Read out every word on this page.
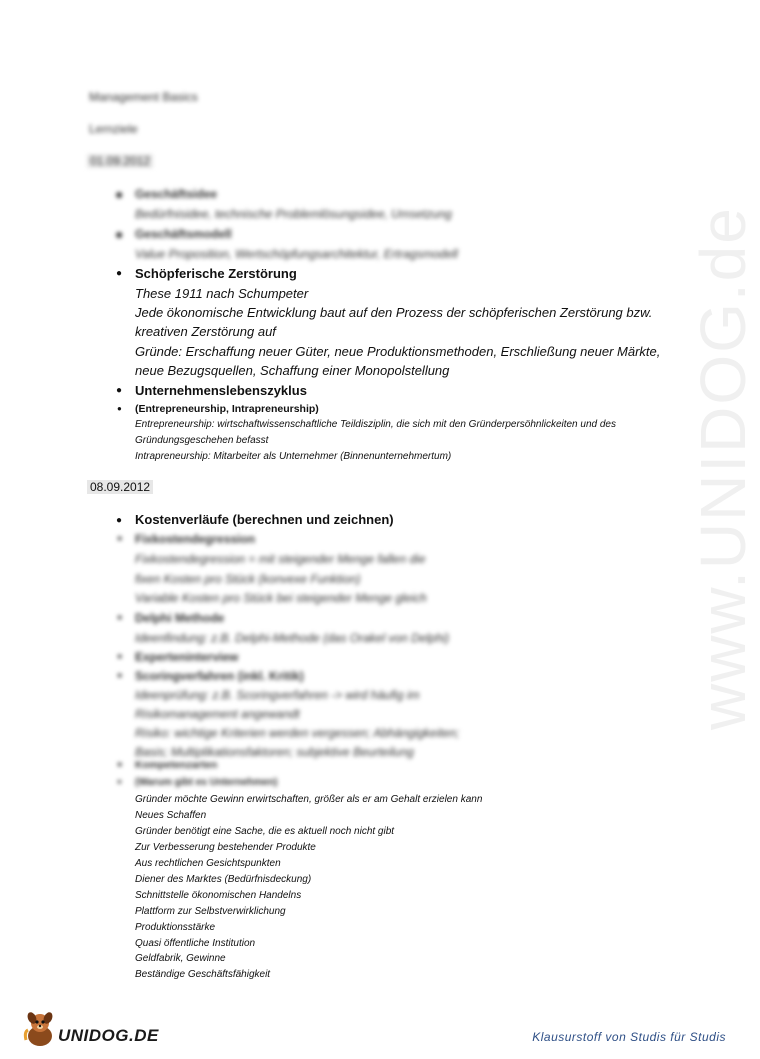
www.UNIDOG.de
Management Basics
Lernziele
01.09.2012
● Geschäftsidee
Bedürfnisidee, technische Problemlösungsidee, Umsetzung
● Geschäftsmodell
Value Proposition, Wertschöpfungsarchitektur, Ertragsmodell
● Schöpferische Zerstörung
These 1911 nach Schumpeter
Jede ökonomische Entwicklung baut auf den Prozess der schöpferischen Zerstörung bzw.
kreativen Zerstörung auf
Gründe: Erschaffung neuer Güter, neue Produktionsmethoden, Erschließung neuer Märkte,
neue Bezugsquellen, Schaffung einer Monopolstellung
● Unternehmenslebenszyklus
● (Entrepreneurship, Intrapreneurship)
Entrepreneurship: wirtschaftwissenschaftliche Teildisziplin, die sich mit den Gründerpersöhnlickeiten und des
Gründungsgeschehen befasst
Intrapreneurship: Mitarbeiter als Unternehmer (Binnenunternehmertum)
08.09.2012
● Kostenverläufe (berechnen und zeichnen)
● Fixkostendegression
Fixkostendegression = mit steigender Menge fallen die
fixen Kosten pro Stück (konvexe Funktion)
Variable Kosten pro Stück bei steigender Menge gleich
● Delphi Methode
Ideenfindung: z.B. Delphi-Methode (das Orakel von Delphi)
● Experteninterview
● Scoringverfahren (inkl. Kritik)
Ideenprüfung: z.B. Scoringverfahren -> wird häufig im
Risikomanagement angewandt
Risiko: wichtige Kriterien werden vergessen; Abhängigkeiten;
Basis; Multiplikationsfaktoren; subjektive Beurteilung
● Kompetenzarten
● (Warum gibt es Unternehmen)
Gründer möchte Gewinn erwirtschaften, größer als er am Gehalt erzielen kann
Neues Schaffen
Gründer benötigt eine Sache, die es aktuell noch nicht gibt
Zur Verbesserung bestehender Produkte
Aus rechtlichen Gesichtspunkten
Diener des Marktes (Bedürfnisdeckung)
Schnittstelle ökonomischen Handelns
Plattform zur Selbstverwirklichung
Produktionsstärke
Quasi öffentliche Institution
Geldfabrik, Gewinne
Beständige Geschäftsfähigkeit
UNIDOG.DE	Klausurstoff von Studis für Studis
